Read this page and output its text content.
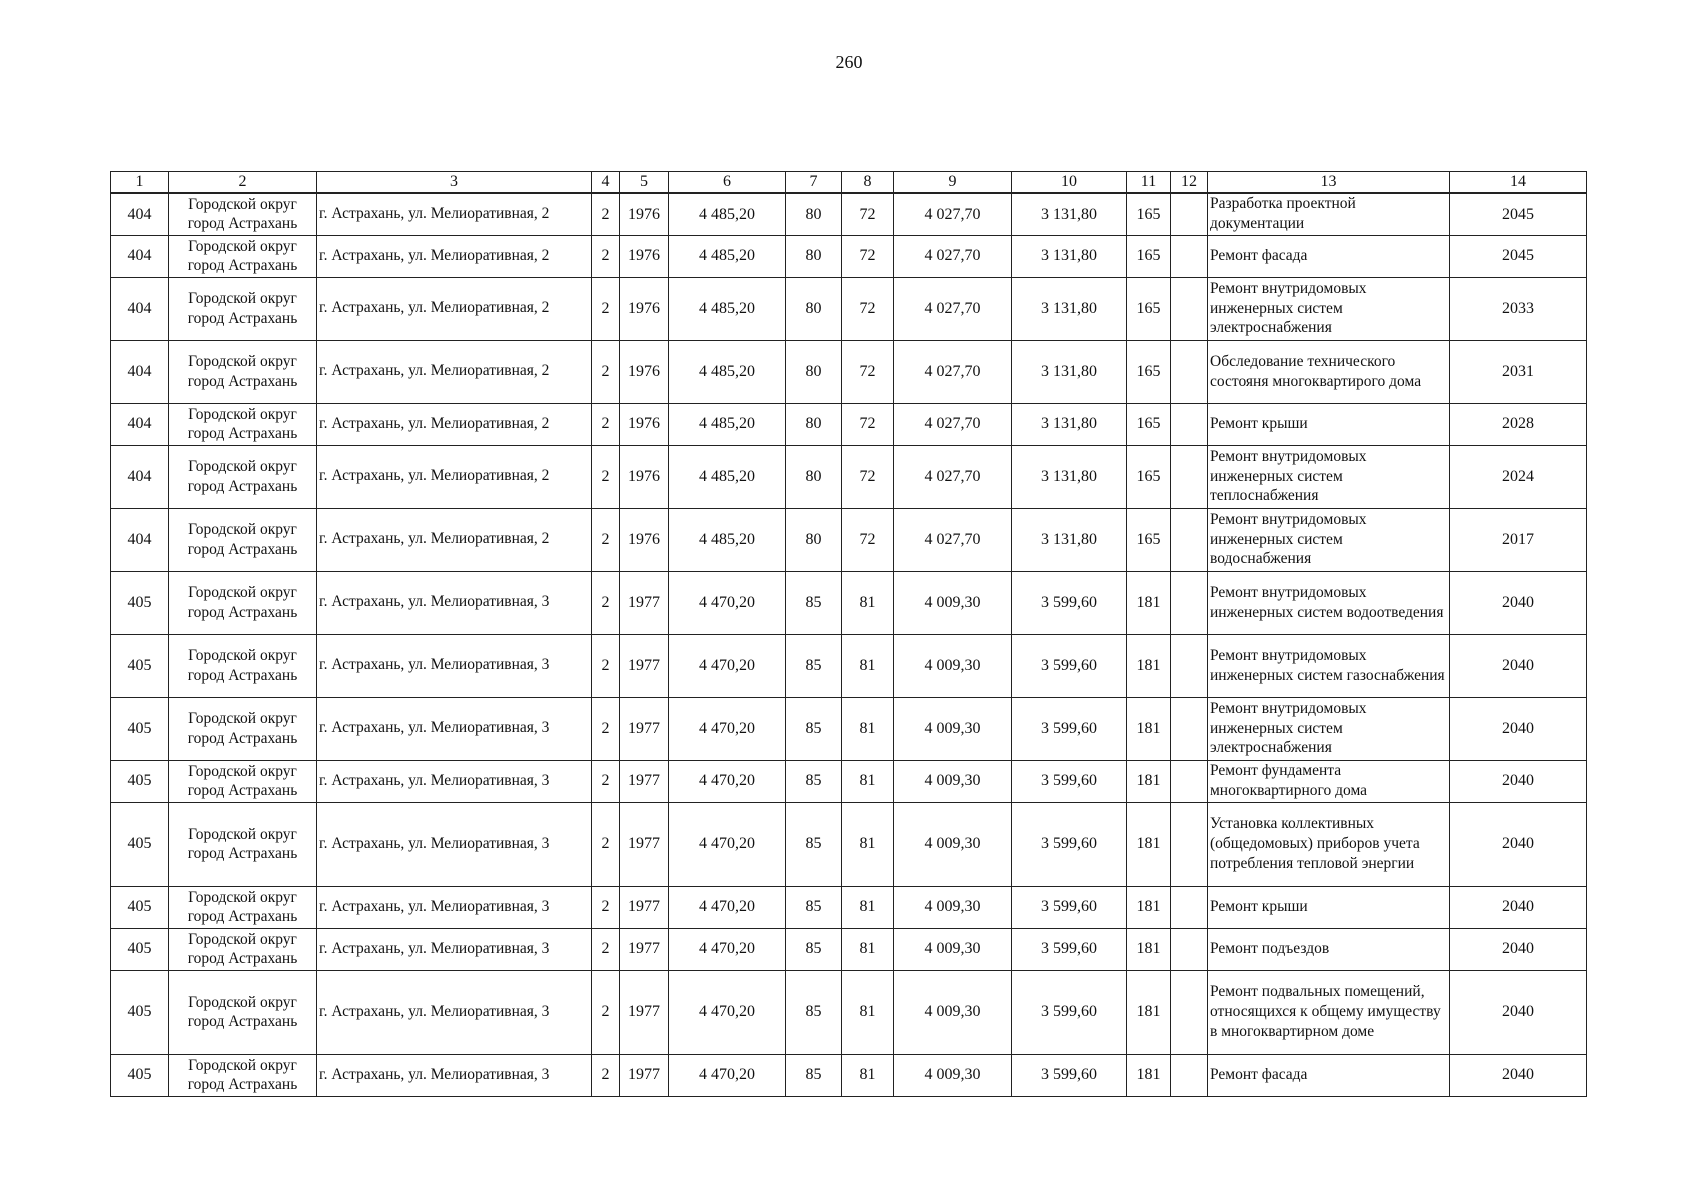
260
1	2	3	4	5	6	7	8	9	10	11	12	13	14
404	Городской округ город Астрахань	г. Астрахань, ул. Мелиоративная, 2	2	1976	4 485,20	80	72	4 027,70	3 131,80	165		Разработка проектной документации	2045
404	Городской округ город Астрахань	г. Астрахань, ул. Мелиоративная, 2	2	1976	4 485,20	80	72	4 027,70	3 131,80	165		Ремонт фасада	2045
404	Городской округ город Астрахань	г. Астрахань, ул. Мелиоративная, 2	2	1976	4 485,20	80	72	4 027,70	3 131,80	165		Ремонт внутридомовых инженерных систем электроснабжения	2033
404	Городской округ город Астрахань	г. Астрахань, ул. Мелиоративная, 2	2	1976	4 485,20	80	72	4 027,70	3 131,80	165		Обследование технического состояня многоквартирого дома	2031
404	Городской округ город Астрахань	г. Астрахань, ул. Мелиоративная, 2	2	1976	4 485,20	80	72	4 027,70	3 131,80	165		Ремонт крыши	2028
404	Городской округ город Астрахань	г. Астрахань, ул. Мелиоративная, 2	2	1976	4 485,20	80	72	4 027,70	3 131,80	165		Ремонт внутридомовых инженерных систем теплоснабжения	2024
404	Городской округ город Астрахань	г. Астрахань, ул. Мелиоративная, 2	2	1976	4 485,20	80	72	4 027,70	3 131,80	165		Ремонт внутридомовых инженерных систем водоснабжения	2017
405	Городской округ город Астрахань	г. Астрахань, ул. Мелиоративная, 3	2	1977	4 470,20	85	81	4 009,30	3 599,60	181		Ремонт внутридомовых инженерных систем водоотведения	2040
405	Городской округ город Астрахань	г. Астрахань, ул. Мелиоративная, 3	2	1977	4 470,20	85	81	4 009,30	3 599,60	181		Ремонт внутридомовых инженерных систем газоснабжения	2040
405	Городской округ город Астрахань	г. Астрахань, ул. Мелиоративная, 3	2	1977	4 470,20	85	81	4 009,30	3 599,60	181		Ремонт внутридомовых инженерных систем электроснабжения	2040
405	Городской округ город Астрахань	г. Астрахань, ул. Мелиоративная, 3	2	1977	4 470,20	85	81	4 009,30	3 599,60	181		Ремонт фундамента многоквартирного дома	2040
405	Городской округ город Астрахань	г. Астрахань, ул. Мелиоративная, 3	2	1977	4 470,20	85	81	4 009,30	3 599,60	181		Установка коллективных (общедомовых) приборов учета потребления тепловой энергии	2040
405	Городской округ город Астрахань	г. Астрахань, ул. Мелиоративная, 3	2	1977	4 470,20	85	81	4 009,30	3 599,60	181		Ремонт крыши	2040
405	Городской округ город Астрахань	г. Астрахань, ул. Мелиоративная, 3	2	1977	4 470,20	85	81	4 009,30	3 599,60	181		Ремонт подъездов	2040
405	Городской округ город Астрахань	г. Астрахань, ул. Мелиоративная, 3	2	1977	4 470,20	85	81	4 009,30	3 599,60	181		Ремонт подвальных помещений, относящихся к общему имуществу в многоквартирном доме	2040
405	Городской округ город Астрахань	г. Астрахань, ул. Мелиоративная, 3	2	1977	4 470,20	85	81	4 009,30	3 599,60	181		Ремонт фасада	2040
